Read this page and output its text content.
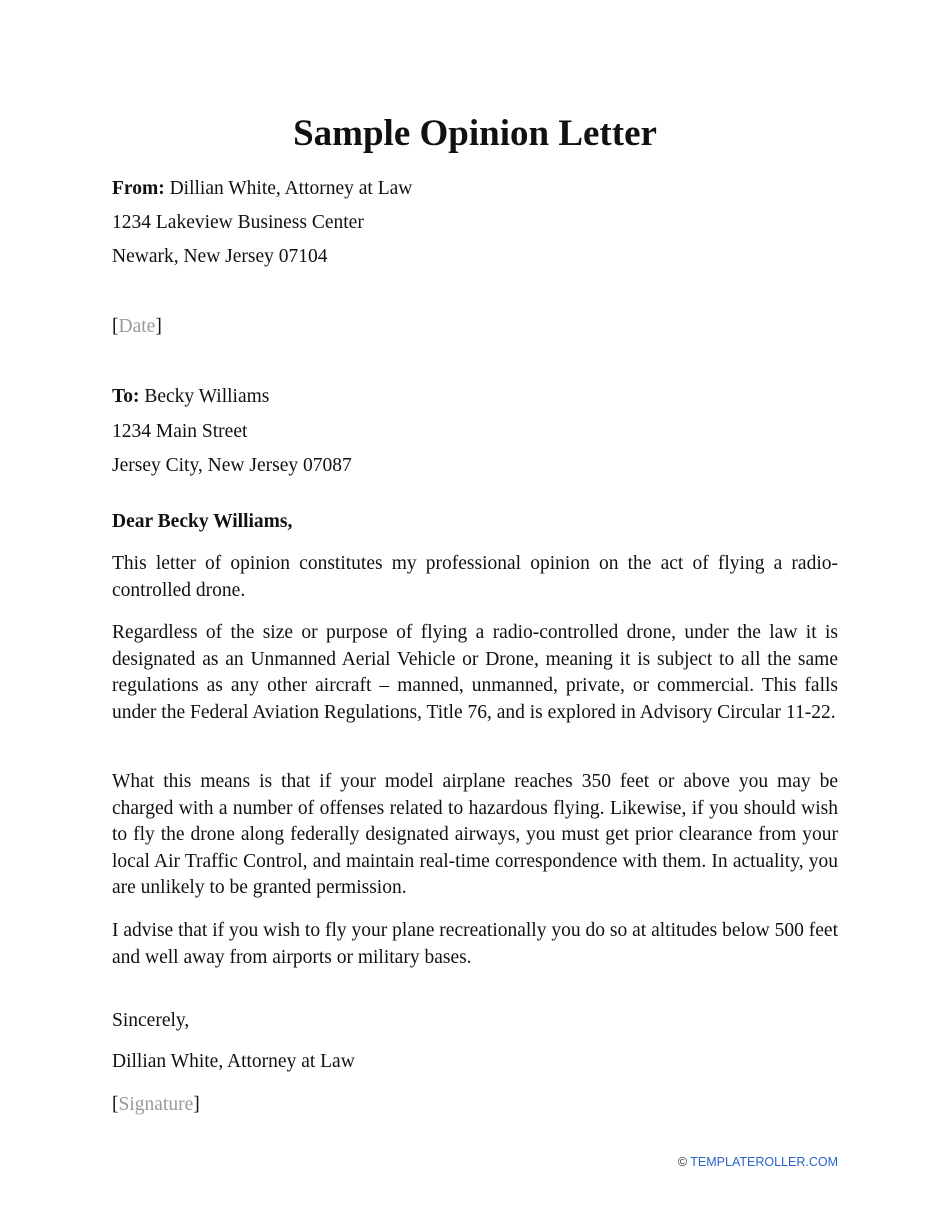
Sample Opinion Letter
From: Dillian White, Attorney at Law
1234 Lakeview Business Center
Newark, New Jersey 07104
[Date]
To: Becky Williams
1234 Main Street
Jersey City, New Jersey 07087
Dear Becky Williams,

This letter of opinion constitutes my professional opinion on the act of flying a radio-controlled drone.

Regardless of the size or purpose of flying a radio-controlled drone, under the law it is designated as an Unmanned Aerial Vehicle or Drone, meaning it is subject to all the same regulations as any other aircraft – manned, unmanned, private, or commercial. This falls under the Federal Aviation Regulations, Title 76, and is explored in Advisory Circular 11-22.

What this means is that if your model airplane reaches 350 feet or above you may be charged with a number of offenses related to hazardous flying. Likewise, if you should wish to fly the drone along federally designated airways, you must get prior clearance from your local Air Traffic Control, and maintain real-time correspondence with them. In actuality, you are unlikely to be granted permission.

I advise that if you wish to fly your plane recreationally you do so at altitudes below 500 feet and well away from airports or military bases.

Sincerely,
Dillian White, Attorney at Law
[Signature]
© TEMPLATEROLLER.COM
